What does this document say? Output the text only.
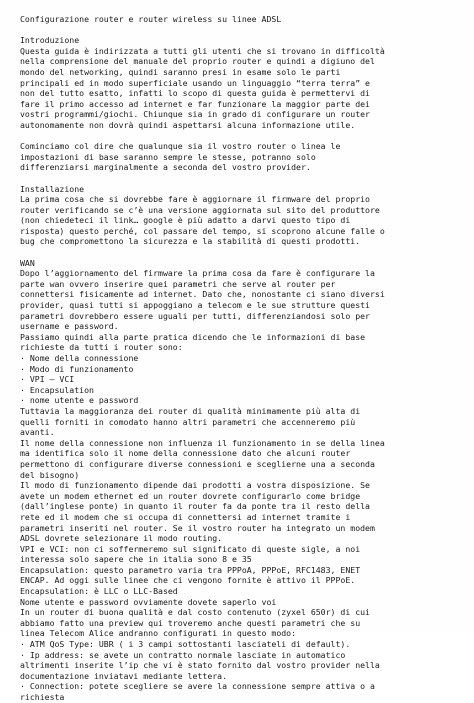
Configurazione router e router wireless su linee ADSL
Introduzione
Questa guida è indirizzata a tutti gli utenti che si trovano in difficoltà
nella comprensione del manuale del proprio router e quindi a digiuno del
mondo del networking, quindi saranno presi in esame solo le parti
principali ed in modo superficiale usando un linguaggio “terra terra” e
non del tutto esatto, infatti lo scopo di questa guida è permettervi di
fare il primo accesso ad internet e far funzionare la maggior parte dei
vostri programmi/giochi. Chiunque sia in grado di configurare un router
autonomamente non dovrà quindi aspettarsi alcuna informazione utile.
Cominciamo col dire che qualunque sia il vostro router o linea le
impostazioni di base saranno sempre le stesse, potranno solo
differenziarsi marginalmente a seconda del vostro provider.
Installazione
La prima cosa che si dovrebbe fare è aggiornare il firmware del proprio
router verificando se c’è una versione aggiornata sul sito del produttore
(non chiedeteci il link… google è più adatto a darvi questo tipo di
risposta) questo perché, col passare del tempo, si scoprono alcune falle o
bug che compromettono la sicurezza e la stabilità di questi prodotti.
WAN
Dopo l’aggiornamento del firmware la prima cosa da fare è configurare la
parte wan ovvero inserire quei parametri che serve al router per
connettersi fisicamente ad internet. Dato che, nonostante ci siano diversi
provider, quasi tutti si appoggiano a telecom e le sue strutture questi
parametri dovrebbero essere uguali per tutti, differenziandosi solo per
username e password.
Passiamo quindi alla parte pratica dicendo che le informazioni di base
richieste da tutti i router sono:
· Nome della connessione
· Modo di funzionamento
· VPI – VCI
· Encapsulation
· nome utente e password
Tuttavia la maggioranza dei router di qualità minimamente più alta di
quelli forniti in comodato hanno altri parametri che accenneremo più
avanti.
Il nome della connessione non influenza il funzionamento in se della linea
ma identifica solo il nome della connessione dato che alcuni router
permettono di configurare diverse connessioni e sceglierne una a seconda
del bisogno)
Il modo di funzionamento dipende dai prodotti a vostra disposizione. Se
avete un modem ethernet ed un router dovrete configurarlo come bridge
(dall’inglese ponte) in quanto il router fa da ponte tra il resto della
rete ed il modem che si occupa di connettersi ad internet tramite i
parametri inseriti nel router. Se il vostro router ha integrato un modem
ADSL dovrete selezionare il modo routing.
VPI e VCI: non ci soffermeremo sul significato di queste sigle, a noi
interessa solo sapere che in italia sono 8 e 35
Encapsulation: questo parametro varia tra PPPoA, PPPoE, RFC1483, ENET
ENCAP. Ad oggi sulle linee che ci vengono fornite è attivo il PPPoE.
Encapsulation: è LLC o LLC-Based
Nome utente e password ovviamente dovete saperlo voi
In un router di buona qualità e dal costo contenuto (zyxel 650r) di cui
abbiamo fatto una preview qui troveremo anche questi parametri che su
linea Telecom Alice andranno configurati in questo modo:
· ATM QoS Type: UBR ( i 3 campi sottostanti lasciateli di default).
· Ip address: se avete un contratto normale lasciate in automatico
altrimenti inserite l’ip che vi è stato fornito dal vostro provider nella
documentazione inviatavi mediante lettera.
· Connection: potete scegliere se avere la connessione sempre attiva o a
richiesta
